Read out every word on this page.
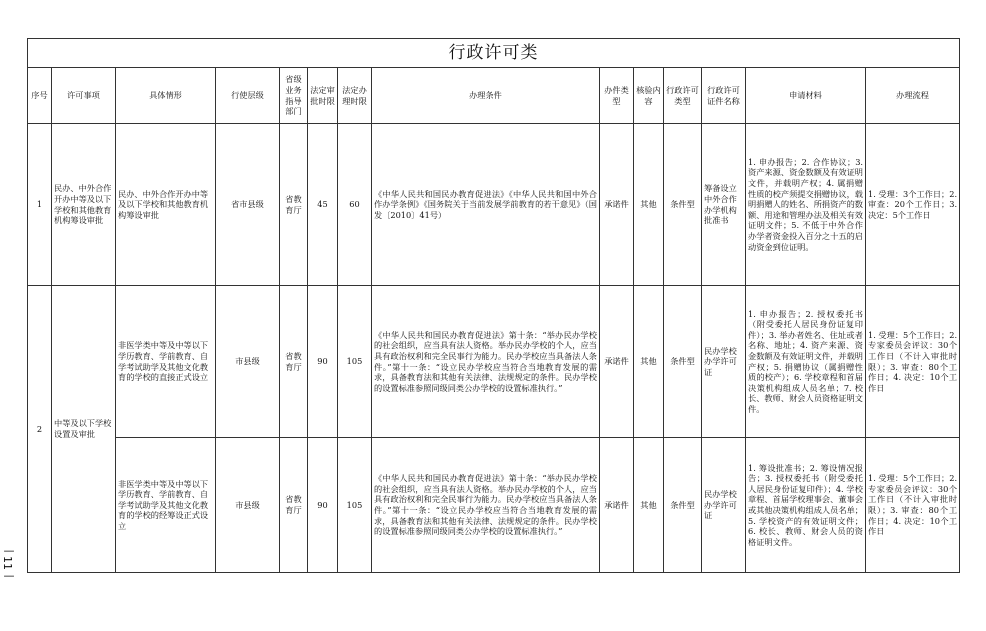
—
11
—
行政许可类													
序号	许可事项	具体情形	行使层级	省级业务指导部门	法定审批时限	法定办理时限	办理条件	办件类型	核验内容	行政许可类型	行政许可证件名称	申请材料	办理流程
1	民办、中外合作开办中等及以下学校和其他教育机构筹设审批	民办、中外合作开办中等及以下学校和其他教育机构筹设审批	省市县级	省教育厅	45	60	《中华人民共和国民办教育促进法》《中华人民共和国中外合作办学条例》《国务院关于当前发展学前教育的若干意见》（国发〔2010〕41号）	承诺件	其他	条件型	筹备设立中外合作办学机构批准书	1. 申办报告；2. 合作协议；3. 资产来源、资金数额及有效证明文件，并载明产权；4. 属捐赠性质的校产须提交捐赠协议，载明捐赠人的姓名、所捐资产的数额、用途和管理办法及相关有效证明文件；5. 不低于中外合作办学者资金投入百分之十五的启动资金到位证明。	1. 受理：3个工作日；2. 审查：20个工作日；3. 决定：5个工作日
2	中等及以下学校设置及审批	非医学类中等及中等以下学历教育、学前教育、自学考试助学及其他文化教育的学校的直接正式设立	市县级	省教育厅	90	105	《中华人民共和国民办教育促进法》第十条：“举办民办学校的社会组织，应当具有法人资格。举办民办学校的个人，应当具有政治权利和完全民事行为能力。民办学校应当具备法人条件。”第十一条：“设立民办学校应当符合当地教育发展的需求，具备教育法和其他有关法律、法规规定的条件。民办学校的设置标准参照同级同类公办学校的设置标准执行。”	承诺件	其他	条件型	民办学校办学许可证	1. 申办报告；2. 授权委托书（附受委托人居民身份证复印件）；3. 举办者姓名、住址或者名称、地址；4. 资产来源、资金数额及有效证明文件，并载明产权；5. 捐赠协议（属捐赠性质的校产）；6. 学校章程和首届决策机构组成人员名单；7. 校长、教师、财会人员资格证明文件。	1. 受理：5个工作日；2. 专家委员会评议：30个工作日（不计入审批时限）；3. 审查：80个工作日；4. 决定：10个工作日
		非医学类中等及中等以下学历教育、学前教育、自学考试助学及其他文化教育的学校的经筹设正式设立	市县级	省教育厅	90	105	《中华人民共和国民办教育促进法》第十条：“举办民办学校的社会组织，应当具有法人资格。举办民办学校的个人，应当具有政治权利和完全民事行为能力。民办学校应当具备法人条件。”第十一条：“设立民办学校应当符合当地教育发展的需求，具备教育法和其他有关法律、法规规定的条件。民办学校的设置标准参照同级同类公办学校的设置标准执行。”	承诺件	其他	条件型	民办学校办学许可证	1. 筹设批准书；2. 筹设情况报告；3. 授权委托书（附受委托人居民身份证复印件）；4. 学校章程、首届学校理事会、董事会或其他决策机构组成人员名单；5. 学校资产的有效证明文件；6. 校长、教师、财会人员的资格证明文件。	1. 受理：5个工作日；2. 专家委员会评议：30个工作日（不计入审批时限）；3. 审查：80个工作日；4. 决定：10个工作日
